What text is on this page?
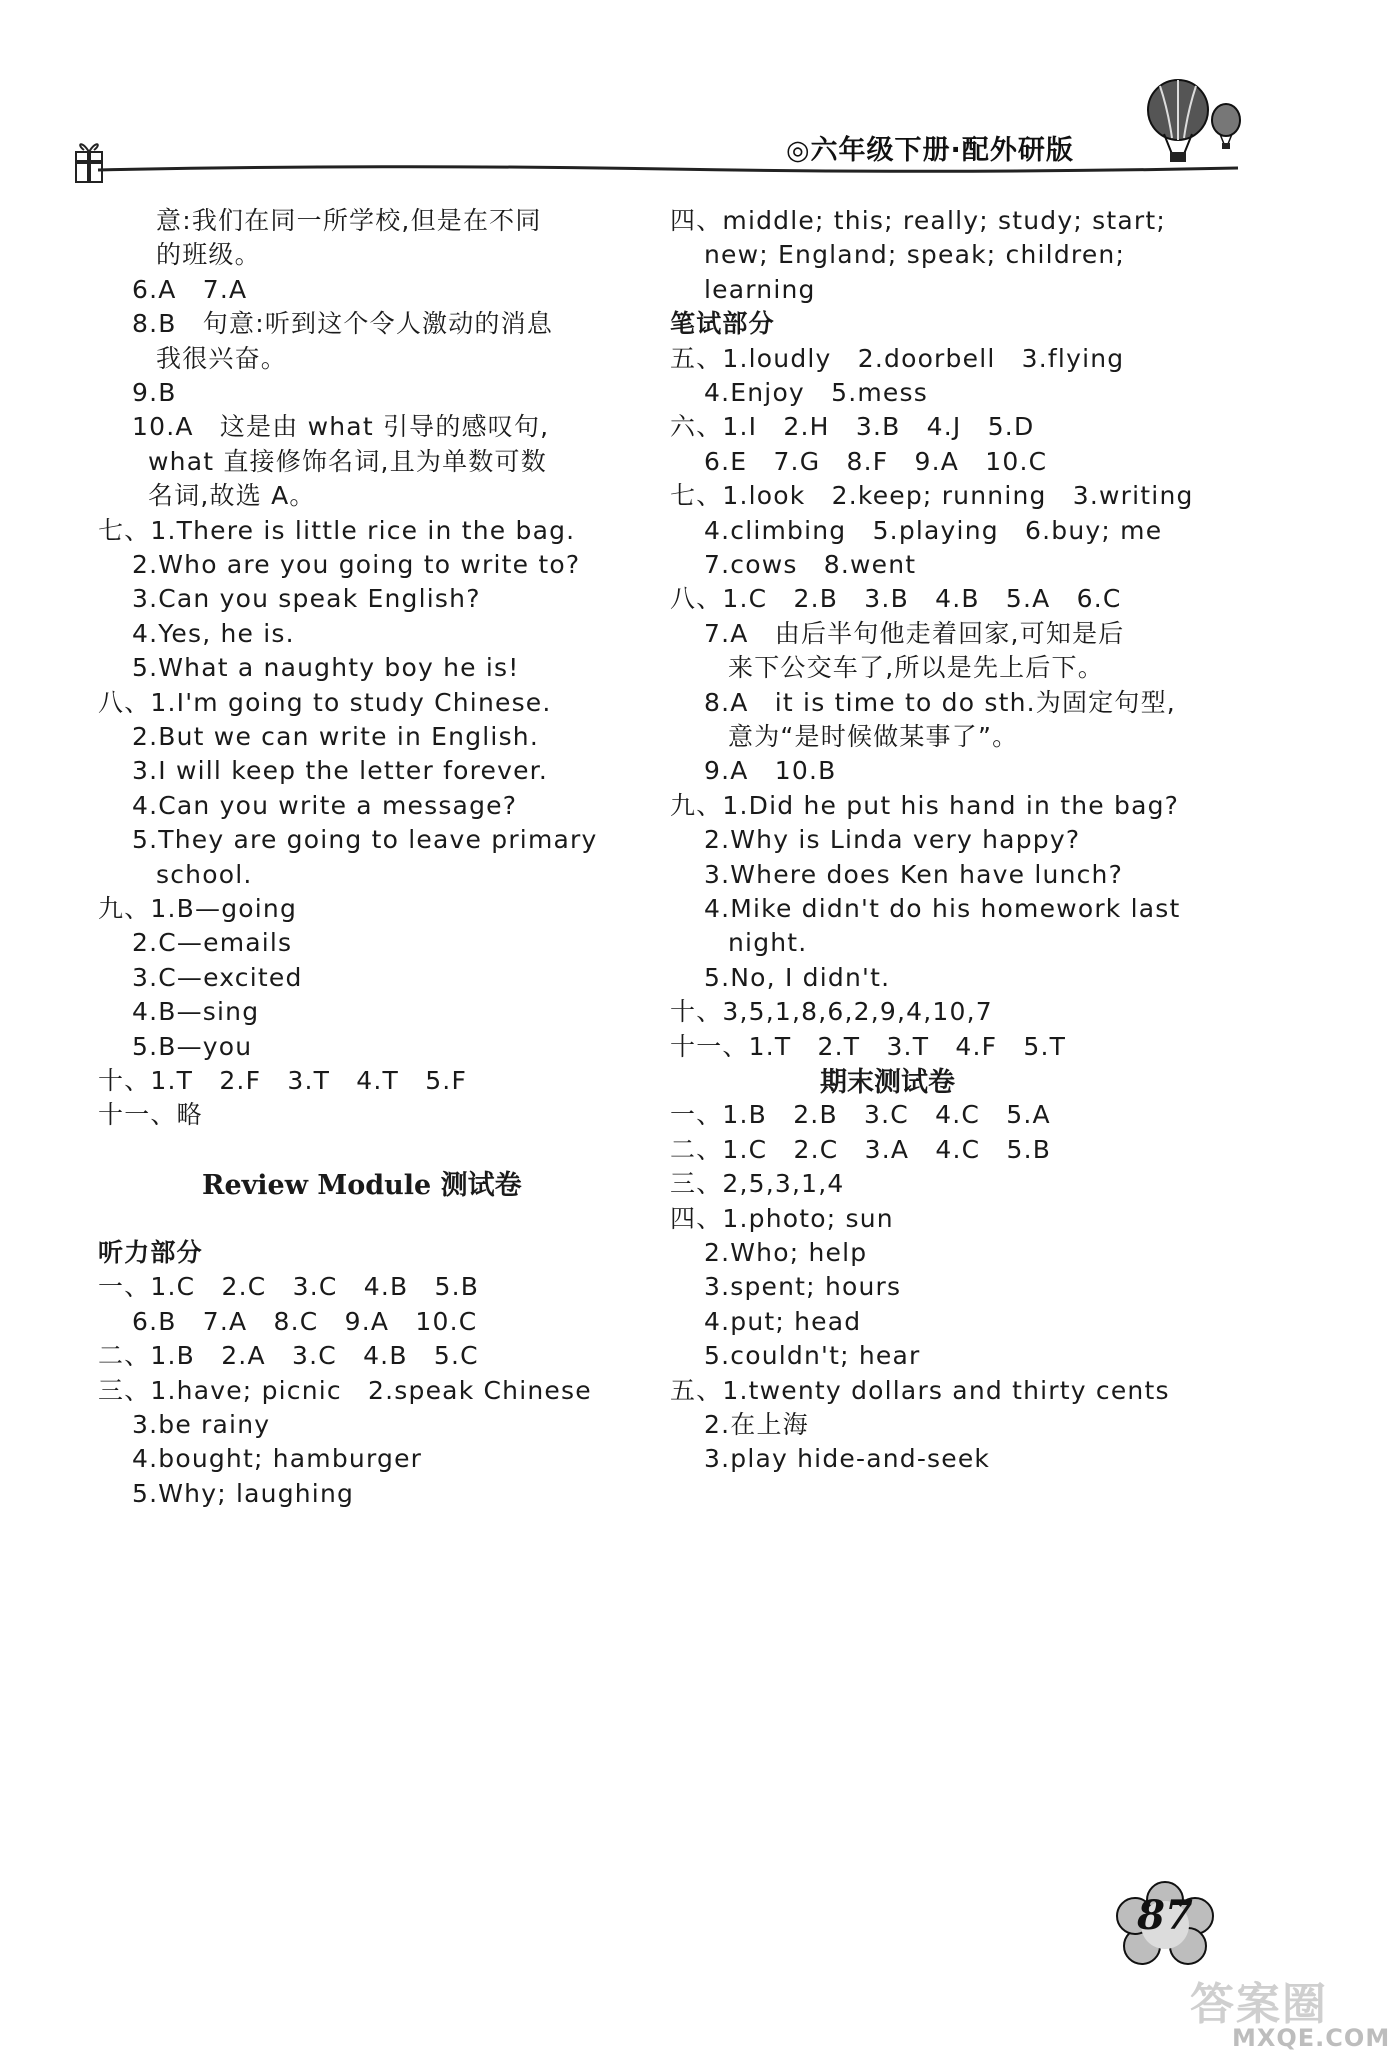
◎六年级下册·配外研版
意:我们在同一所学校,但是在不同
的班级。
6.A　7.A
8.B　句意:听到这个令人激动的消息
我很兴奋。
9.B
10.A　这是由 what 引导的感叹句,
what 直接修饰名词,且为单数可数
名词,故选 A。
七、1.There is little rice in the bag.
2.Who are you going to write to?
3.Can you speak English?
4.Yes, he is.
5.What a naughty boy he is!
八、1.I'm going to study Chinese.
2.But we can write in English.
3.I will keep the letter forever.
4.Can you write a message?
5.They are going to leave primary
school.
九、1.B—going
2.C—emails
3.C—excited
4.B—sing
5.B—you
十、1.T　2.F　3.T　4.T　5.F
十一、略
Review Module 测试卷
听力部分
一、1.C　2.C　3.C　4.B　5.B
6.B　7.A　8.C　9.A　10.C
二、1.B　2.A　3.C　4.B　5.C
三、1.have; picnic　2.speak Chinese
3.be rainy
4.bought; hamburger
5.Why; laughing
四、middle; this; really; study; start;
new; England; speak; children;
learning
笔试部分
五、1.loudly　2.doorbell　3.flying
4.Enjoy　5.mess
六、1.I　2.H　3.B　4.J　5.D
6.E　7.G　8.F　9.A　10.C
七、1.look　2.keep; running　3.writing
4.climbing　5.playing　6.buy; me
7.cows　8.went
八、1.C　2.B　3.B　4.B　5.A　6.C
7.A　由后半句他走着回家,可知是后
来下公交车了,所以是先上后下。
8.A　it is time to do sth.为固定句型,
意为“是时候做某事了”。
9.A　10.B
九、1.Did he put his hand in the bag?
2.Why is Linda very happy?
3.Where does Ken have lunch?
4.Mike didn't do his homework last
night.
5.No, I didn't.
十、3,5,1,8,6,2,9,4,10,7
十一、1.T　2.T　3.T　4.F　5.T
期末测试卷
一、1.B　2.B　3.C　4.C　5.A
二、1.C　2.C　3.A　4.C　5.B
三、2,5,3,1,4
四、1.photo; sun
2.Who; help
3.spent; hours
4.put; head
5.couldn't; hear
五、1.twenty dollars and thirty cents
2.在上海
3.play hide-and-seek
87
答案圈
MXQE.COM
